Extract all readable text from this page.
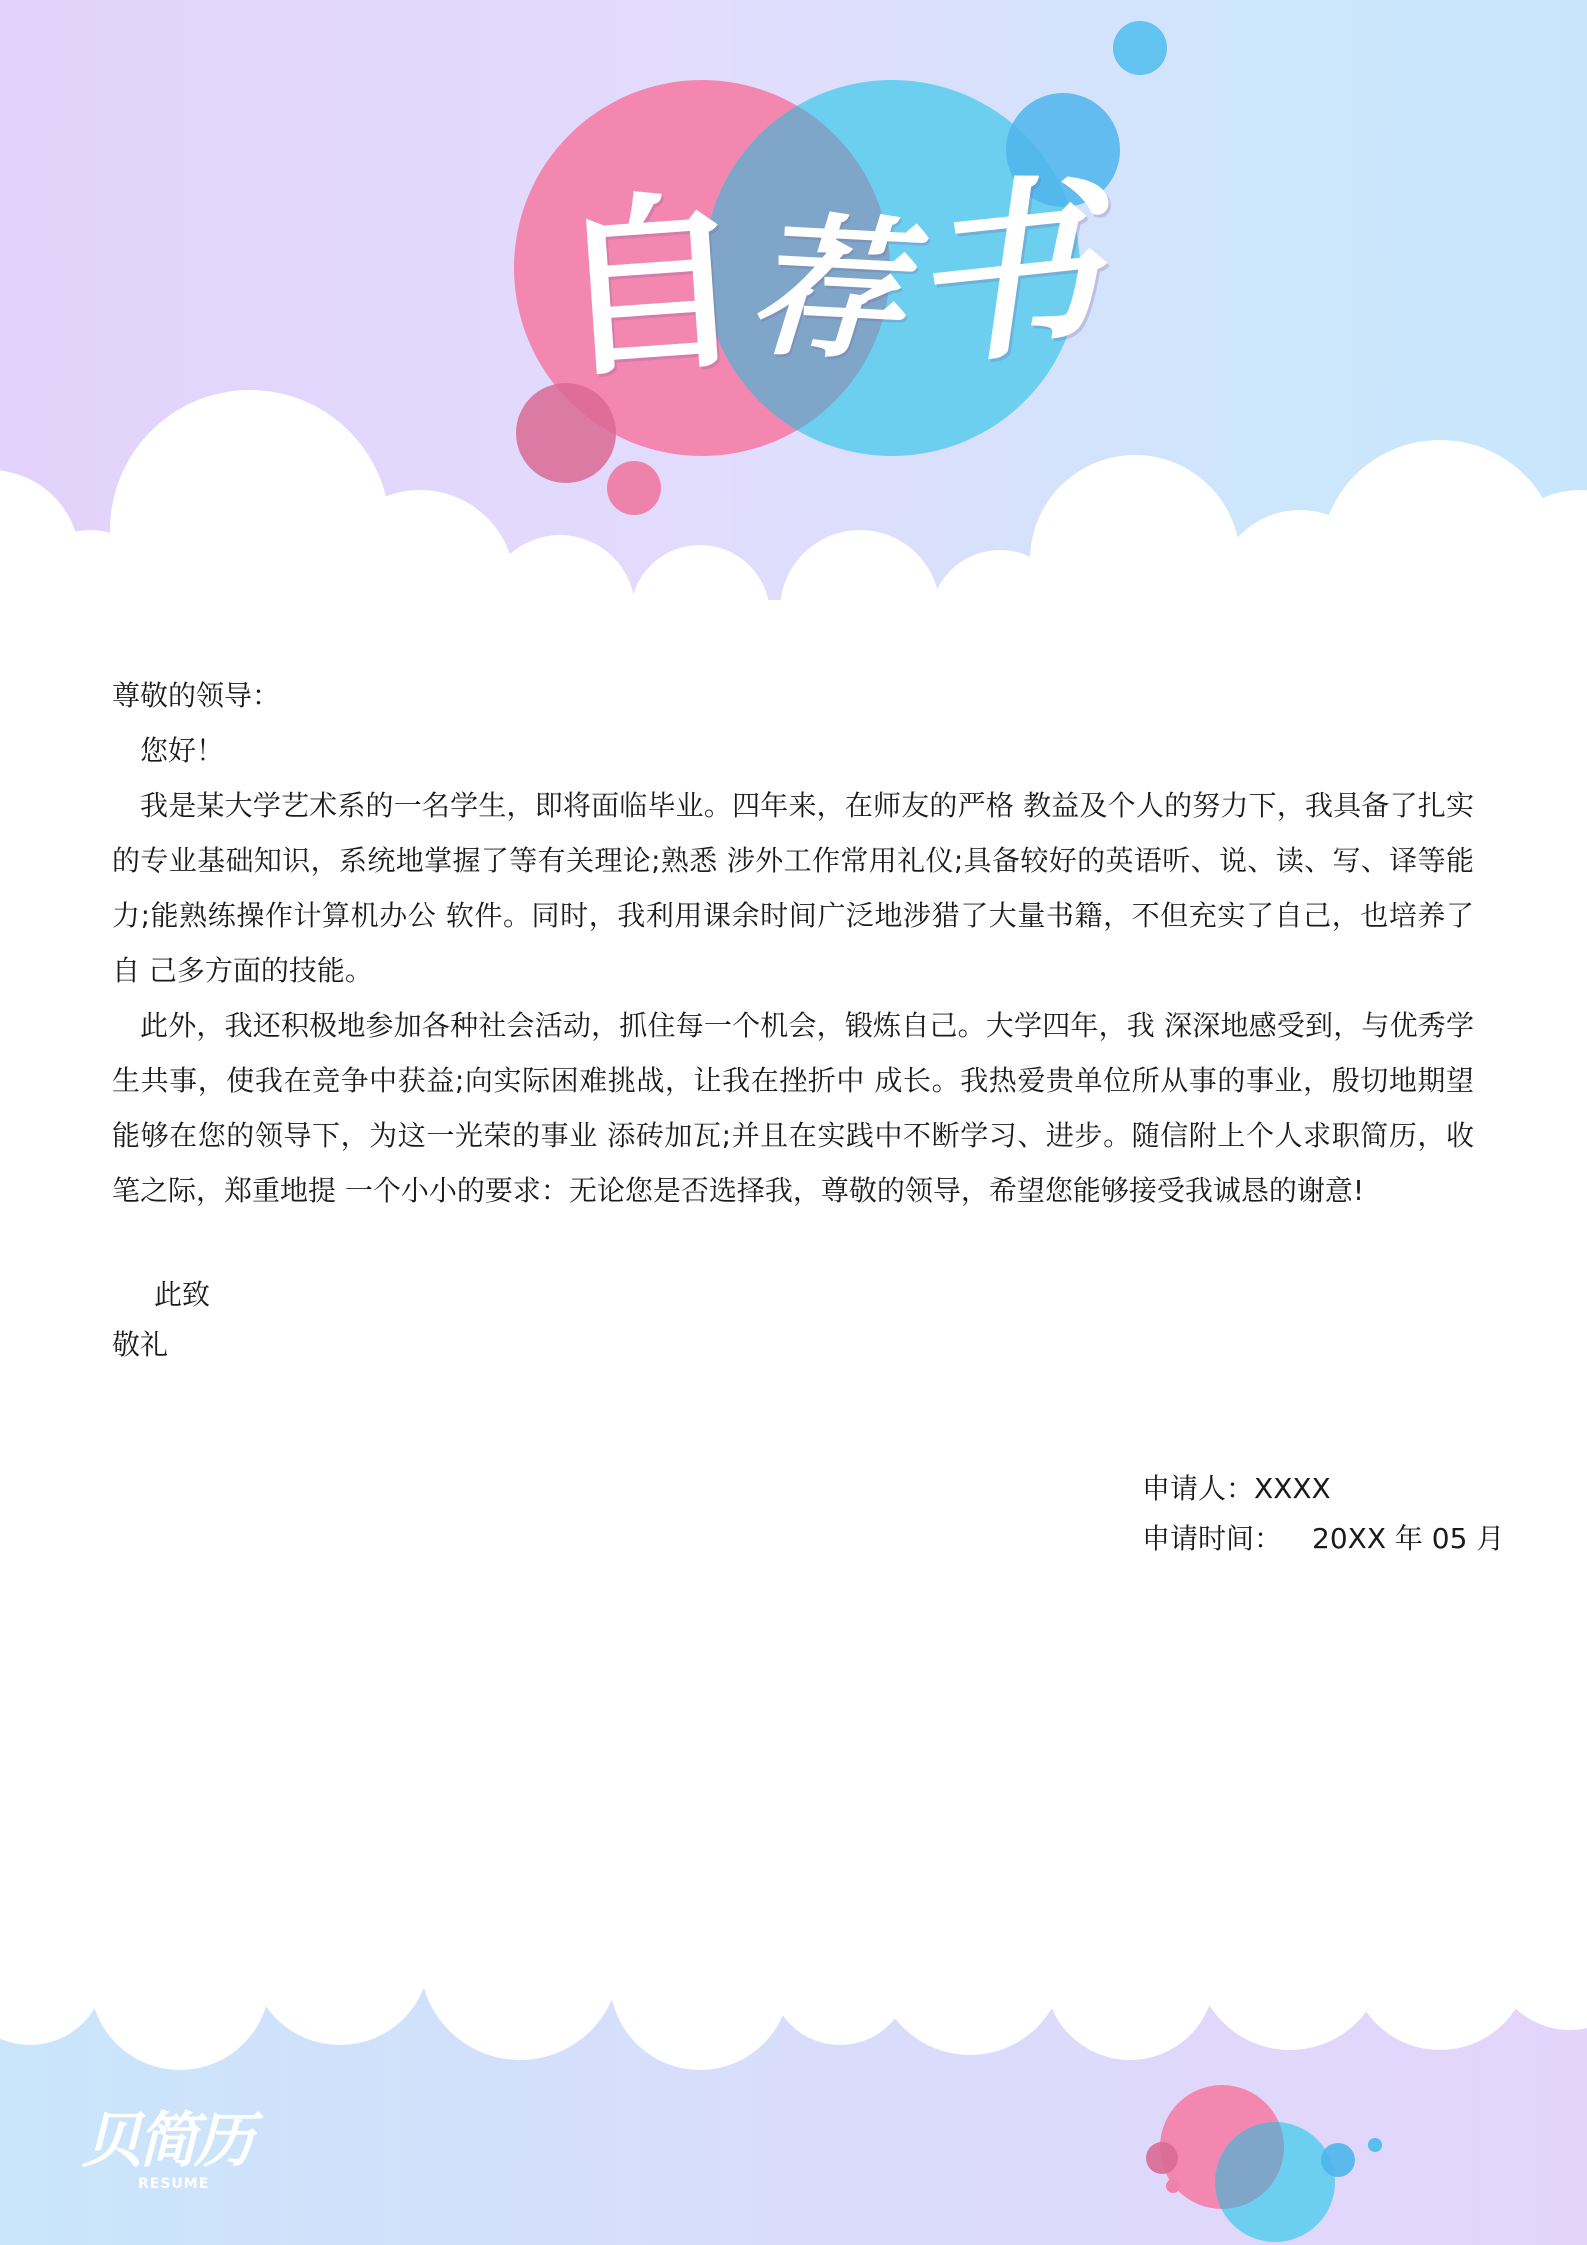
自
荐
书

尊敬的领导：

您好！

我是某大学艺术系的一名学生，即将面临毕业。四年来，在师友的严格 教益及个人的努力下，我具备了扎实的专业基础知识，系统地掌握了等有关理论;熟悉 涉外工作常用礼仪;具备较好的英语听、说、读、写、译等能力;能熟练操作计算机办公 软件。同时，我利用课余时间广泛地涉猎了大量书籍，不但充实了自己，也培养了自 己多方面的技能。

此外，我还积极地参加各种社会活动，抓住每一个机会，锻炼自己。大学四年，我 深深地感受到，与优秀学生共事，使我在竞争中获益;向实际困难挑战，让我在挫折中 成长。我热爱贵单位所从事的事业，殷切地期望能够在您的领导下，为这一光荣的事业 添砖加瓦;并且在实践中不断学习、进步。随信附上个人求职简历，收笔之际，郑重地提 一个小小的要求：无论您是否选择我，尊敬的领导，希望您能够接受我诚恳的谢意!

此致
敬礼
申请人：XXXX
申请时间： 20XX 年 05 月
贝简历
RESUME
